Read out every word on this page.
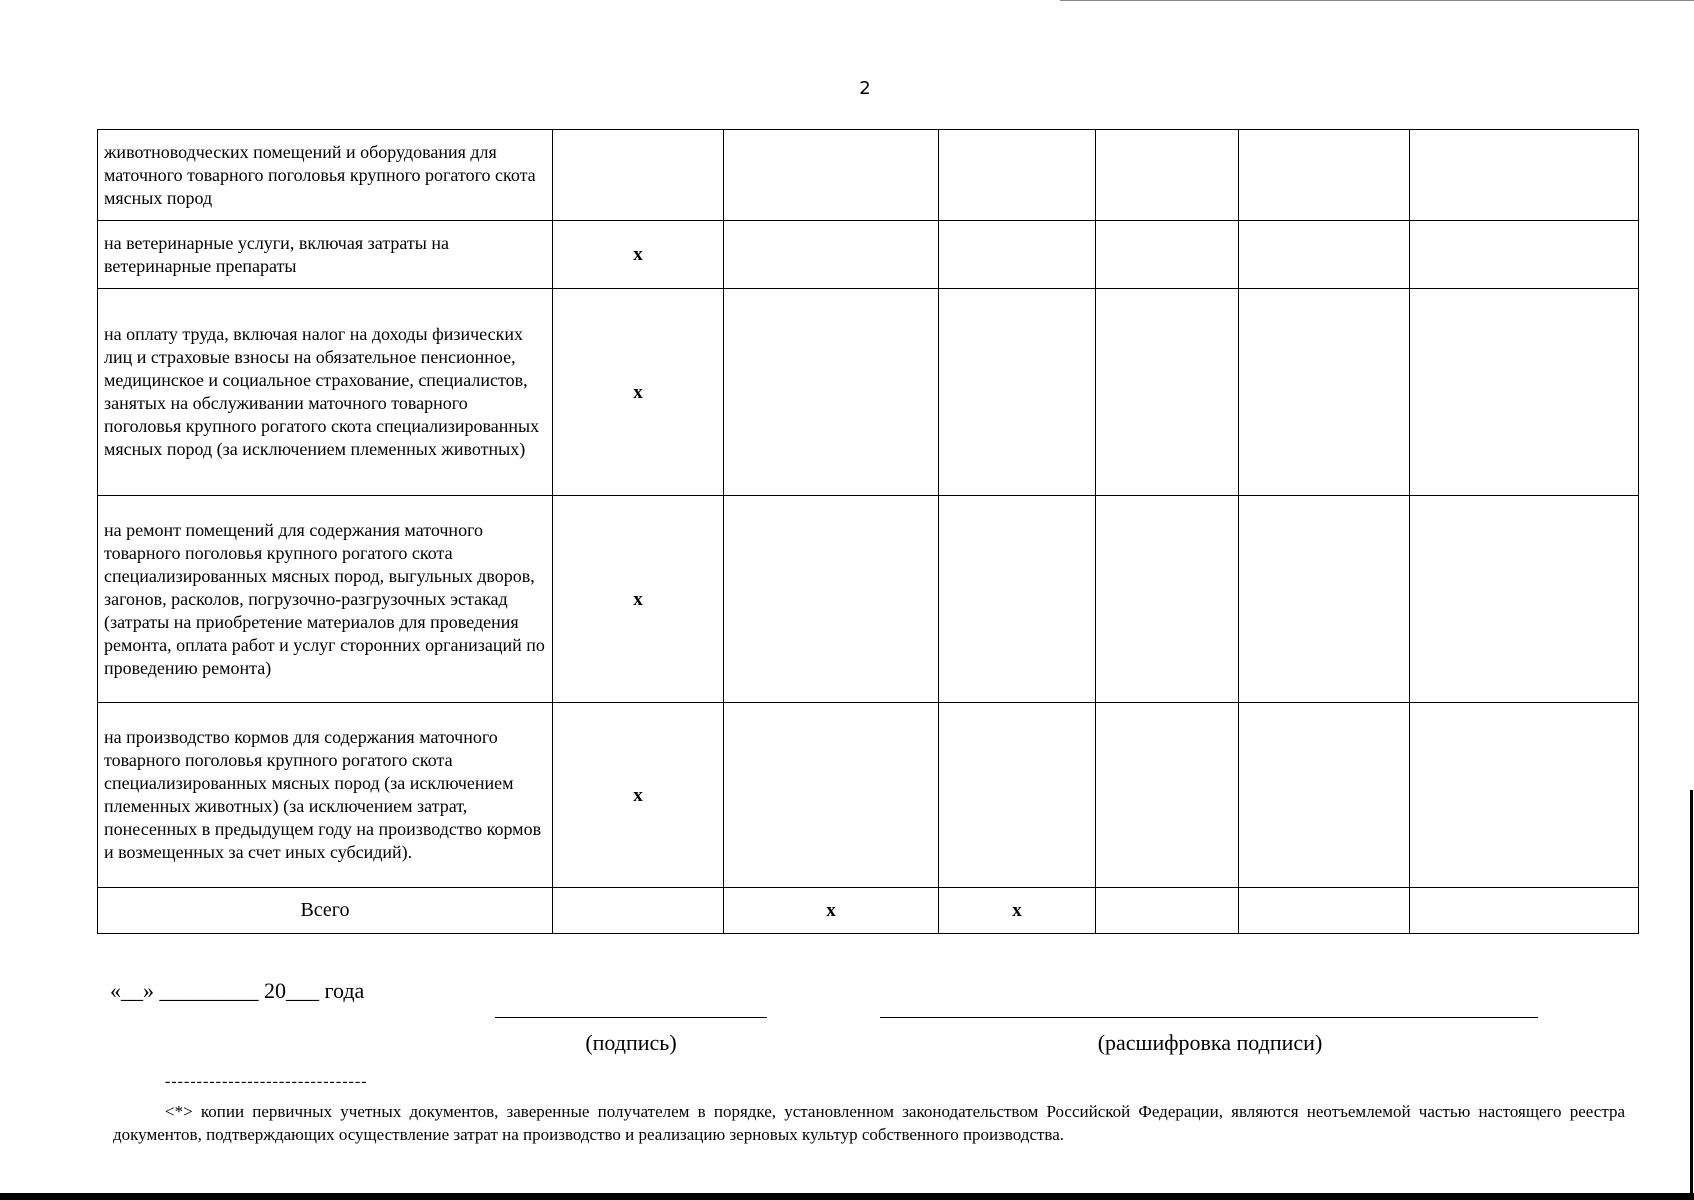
2
животноводческих помещений и оборудования для маточного товарного поголовья крупного рогатого скота мясных пород						
на ветеринарные услуги, включая затраты на ветеринарные препараты	x					
на оплату труда, включая налог на доходы физических лиц и страховые взносы на обязательное пенсионное, медицинское и социальное страхование, специалистов, занятых на обслуживании маточного товарного поголовья крупного рогатого скота специализированных мясных пород (за исключением племенных животных)	x					
на ремонт помещений для содержания маточного товарного поголовья крупного рогатого скота специализированных мясных пород, выгульных дворов, загонов, расколов, погрузочно-разгрузочных эстакад (затраты на приобретение материалов для проведения ремонта, оплата работ и услуг сторонних организаций по проведению ремонта)	x					
на производство кормов для содержания маточного товарного поголовья крупного рогатого скота специализированных мясных пород (за исключением племенных животных) (за исключением затрат, понесенных в предыдущем году на производство кормов и возмещенных за счет иных субсидий).	x					
Всего		x	x			
«__» _________ 20___ года
(подпись)	(расшифровка подписи)
--------------------------------
<*> копии первичных учетных документов, заверенные получателем в порядке, установленном законодательством Российской Федерации, являются неотъемлемой частью настоящего реестра документов, подтверждающих осуществление затрат на производство и реализацию зерновых культур собственного производства.
